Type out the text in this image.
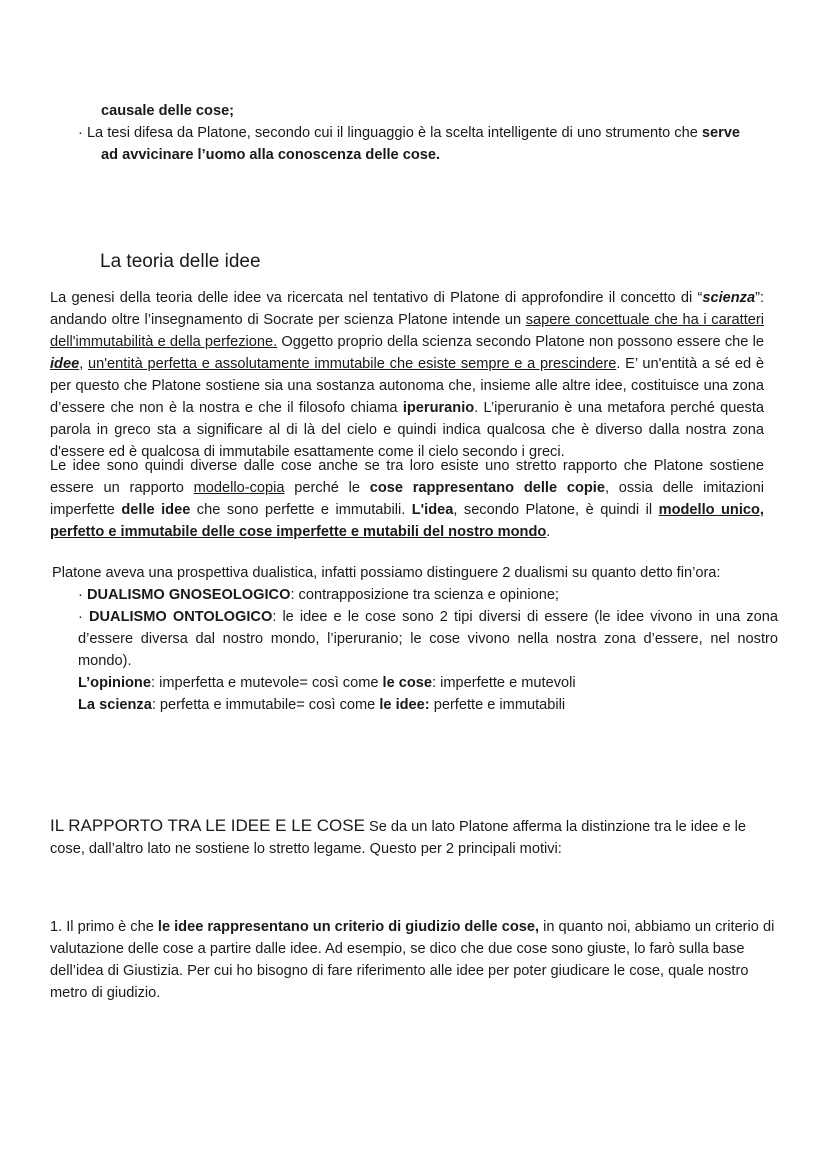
causale delle cose;
· La tesi difesa da Platone, secondo cui il linguaggio è la scelta intelligente di uno strumento che serve
ad avvicinare l’uomo alla conoscenza delle cose.
La teoria delle idee
La genesi della teoria delle idee va ricercata nel tentativo di Platone di approfondire il concetto di “scienza”: andando oltre l’insegnamento di Socrate per scienza Platone intende un sapere concettuale che ha i caratteri dell'immutabilità e della perfezione. Oggetto proprio della scienza secondo Platone non possono essere che le idee, un'entità perfetta e assolutamente immutabile che esiste sempre e a prescindere. E’ un'entità a sé ed è per questo che Platone sostiene sia una sostanza autonoma che, insieme alle altre idee, costituisce una zona d’essere che non è la nostra e che il filosofo chiama iperuranio. L’iperuranio è una metafora perché questa parola in greco sta a significare al di là del cielo e quindi indica qualcosa che è diverso dalla nostra zona d'essere ed è qualcosa di immutabile esattamente come il cielo secondo i greci.
Le idee sono quindi diverse dalle cose anche se tra loro esiste uno stretto rapporto che Platone sostiene essere un rapporto modello-copia perché le cose rappresentano delle copie, ossia delle imitazioni imperfette delle idee che sono perfette e immutabili. L'idea, secondo Platone, è quindi il modello unico, perfetto e immutabile delle cose imperfette e mutabili del nostro mondo.
Platone aveva una prospettiva dualistica, infatti possiamo distinguere 2 dualismi su quanto detto fin’ora:
· DUALISMO GNOSEOLOGICO: contrapposizione tra scienza e opinione;
· DUALISMO ONTOLOGICO: le idee e le cose sono 2 tipi diversi di essere (le idee vivono in una zona d’essere diversa dal nostro mondo, l’iperuranio; le cose vivono nella nostra zona d’essere, nel nostro mondo).
L’opinione: imperfetta e mutevole= così come le cose: imperfette e mutevoli
La scienza: perfetta e immutabile= così come le idee: perfette e immutabili
IL RAPPORTO TRA LE IDEE E LE COSE Se da un lato Platone afferma la distinzione tra le idee e le cose, dall’altro lato ne sostiene lo stretto legame. Questo per 2 principali motivi:
1. Il primo è che le idee rappresentano un criterio di giudizio delle cose, in quanto noi, abbiamo un criterio di valutazione delle cose a partire dalle idee. Ad esempio, se dico che due cose sono giuste, lo farò sulla base dell’idea di Giustizia. Per cui ho bisogno di fare riferimento alle idee per poter giudicare le cose, quale nostro metro di giudizio.
